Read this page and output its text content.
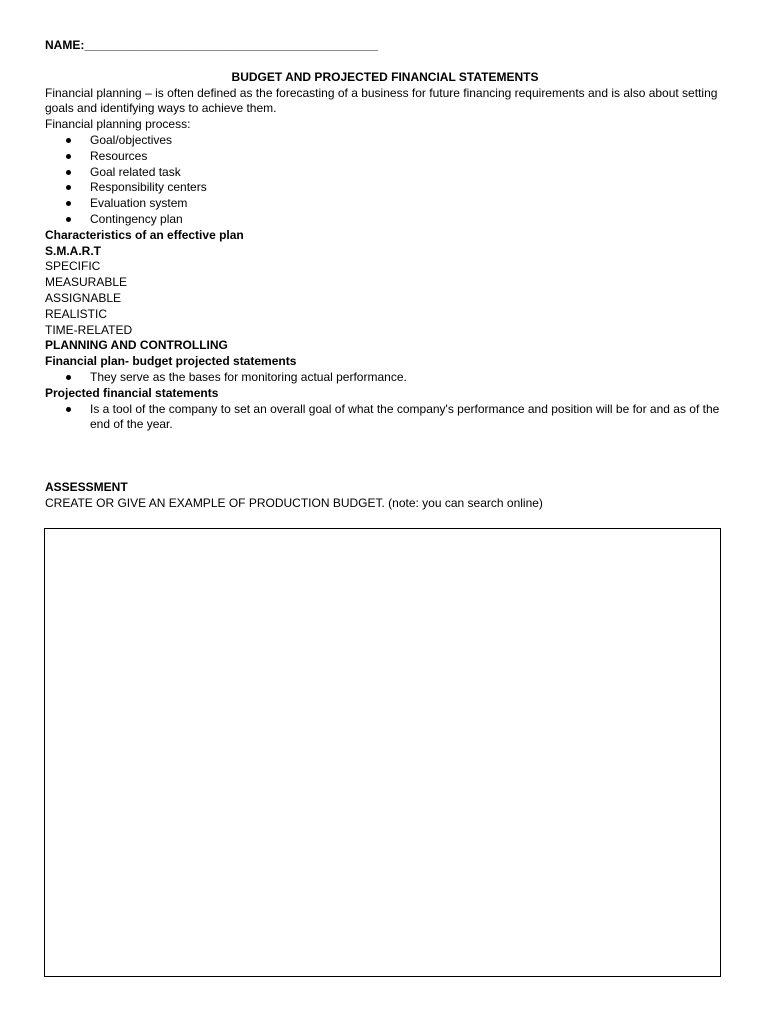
NAME:____________________________________________
BUDGET AND PROJECTED FINANCIAL STATEMENTS
Financial planning – is often defined as the forecasting of a business for future financing requirements and is also about setting goals and identifying ways to achieve them.
Financial planning process:
Goal/objectives
Resources
Goal related task
Responsibility centers
Evaluation system
Contingency plan
Characteristics of an effective plan
S.M.A.R.T
SPECIFIC
MEASURABLE
ASSIGNABLE
REALISTIC
TIME-RELATED
PLANNING AND CONTROLLING
Financial plan- budget projected statements
They serve as the bases for monitoring actual performance.
Projected financial statements
Is a tool of the company to set an overall goal of what the company's performance and position will be for and as of the end of the year.
ASSESSMENT
CREATE OR GIVE AN EXAMPLE OF PRODUCTION BUDGET. (note: you can search online)
